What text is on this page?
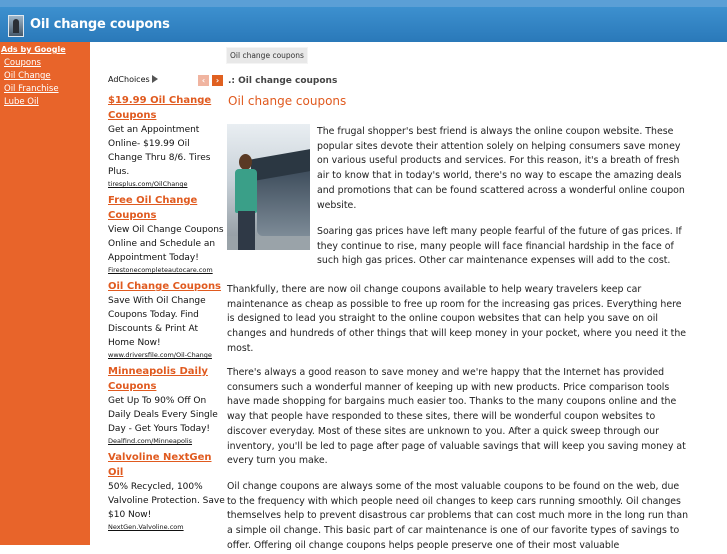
Oil change coupons
Ads by Google
Coupons
Oil Change
Oil Franchise
Lube Oil
AdChoices	‹	›
$19.99 Oil Change Coupons
Get an Appointment Online- $19.99 Oil Change Thru 8/6. Tires Plus.
tiresplus.com/OilChange
Free Oil Change Coupons
View Oil Change Coupons Online and Schedule an Appointment Today!
Firestonecompleteautocare.com
Oil Change Coupons
Save With Oil Change Coupons Today. Find Discounts & Print At Home Now!
www.driversfile.com/Oil-Change
Minneapolis Daily Coupons
Get Up To 90% Off On Daily Deals Every Single Day - Get Yours Today!
Dealfind.com/Minneapolis
Valvoline NextGen Oil
50% Recycled, 100% Valvoline Protection. Save $10 Now!
NextGen.Valvoline.com
Oil change coupons
.: Oil change coupons
Oil change coupons

The frugal shopper's best friend is always the online coupon website. These popular sites devote their attention solely on helping consumers save money on various useful products and services. For this reason, it's a breath of fresh air to know that in today's world, there's no way to escape the amazing deals and promotions that can be found scattered across a wonderful online coupon website.

Soaring gas prices have left many people fearful of the future of gas prices. If they continue to rise, many people will face financial hardship in the face of such high gas prices. Other car maintenance expenses will add to the cost.

Thankfully, there are now oil change coupons available to help weary travelers keep car maintenance as cheap as possible to free up room for the increasing gas prices. Everything here is designed to lead you straight to the online coupon websites that can help you save on oil changes and hundreds of other things that will keep money in your pocket, where you need it the most.

There's always a good reason to save money and we're happy that the Internet has provided consumers such a wonderful manner of keeping up with new products. Price comparison tools have made shopping for bargains much easier too. Thanks to the many coupons online and the way that people have responded to these sites, there will be wonderful coupon websites to discover everyday. Most of these sites are unknown to you. After a quick sweep through our inventory, you'll be led to page after page of valuable savings that will keep you saving money at every turn you make.

Oil change coupons are always some of the most valuable coupons to be found on the web, due to the frequency with which people need oil changes to keep cars running smoothly. Oil changes themselves help to prevent disastrous car problems that can cost much more in the long run than a simple oil change. This basic part of car maintenance is one of our favorite types of savings to offer. Offering oil change coupons helps people preserve one of their most valuable
